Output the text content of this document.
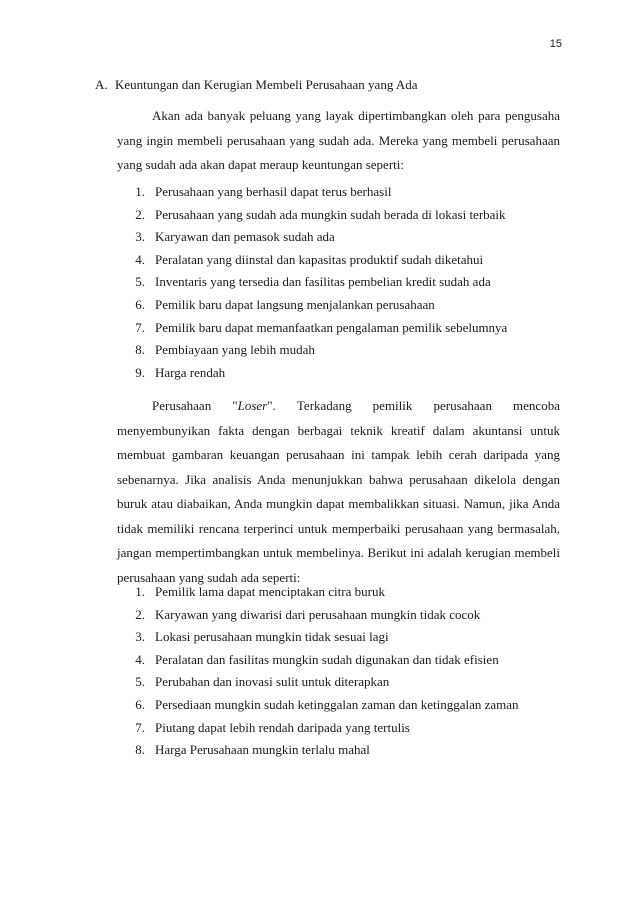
15
A. Keuntungan dan Kerugian Membeli Perusahaan yang Ada

Akan ada banyak peluang yang layak dipertimbangkan oleh para pengusaha yang ingin membeli perusahaan yang sudah ada. Mereka yang membeli perusahaan yang sudah ada akan dapat meraup keuntungan seperti:

1. Perusahaan yang berhasil dapat terus berhasil
2. Perusahaan yang sudah ada mungkin sudah berada di lokasi terbaik
3. Karyawan dan pemasok sudah ada
4. Peralatan yang diinstal dan kapasitas produktif sudah diketahui
5. Inventaris yang tersedia dan fasilitas pembelian kredit sudah ada
6. Pemilik baru dapat langsung menjalankan perusahaan
7. Pemilik baru dapat memanfaatkan pengalaman pemilik sebelumnya
8. Pembiayaan yang lebih mudah
9. Harga rendah
Perusahaan "Loser". Terkadang pemilik perusahaan mencoba
menyembunyikan fakta dengan berbagai teknik kreatif dalam akuntansi untuk membuat gambaran keuangan perusahaan ini tampak lebih cerah daripada yang sebenarnya. Jika analisis Anda menunjukkan bahwa perusahaan dikelola dengan buruk atau diabaikan, Anda mungkin dapat membalikkan situasi. Namun, jika Anda tidak memiliki rencana terperinci untuk memperbaiki perusahaan yang bermasalah, jangan mempertimbangkan untuk membelinya. Berikut ini adalah kerugian membeli perusahaan yang sudah ada seperti:
1. Pemilik lama dapat menciptakan citra buruk
2. Karyawan yang diwarisi dari perusahaan mungkin tidak cocok
3. Lokasi perusahaan mungkin tidak sesuai lagi
4. Peralatan dan fasilitas mungkin sudah digunakan dan tidak efisien
5. Perubahan dan inovasi sulit untuk diterapkan
6. Persediaan mungkin sudah ketinggalan zaman dan ketinggalan zaman
7. Piutang dapat lebih rendah daripada yang tertulis
8. Harga Perusahaan mungkin terlalu mahal
